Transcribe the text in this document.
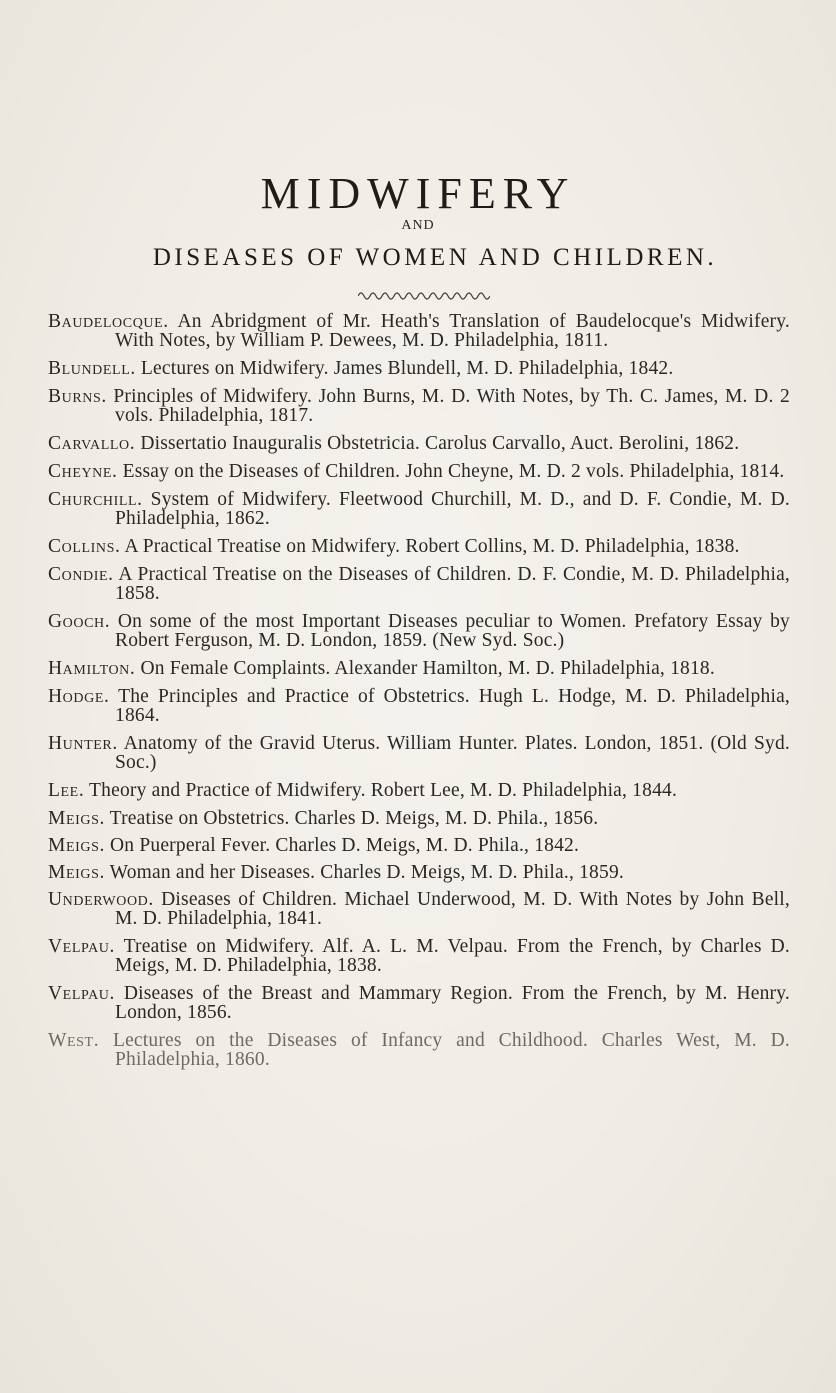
MIDWIFERY
AND
DISEASES OF WOMEN AND CHILDREN.

Baudelocque. An Abridgment of Mr. Heath's Translation of Baudelocque's Midwifery. With Notes, by William P. Dewees, M. D. Philadelphia, 1811.

Blundell. Lectures on Midwifery. James Blundell, M. D. Philadelphia, 1842.

Burns. Principles of Midwifery. John Burns, M. D. With Notes, by Th. C. James, M. D. 2 vols. Philadelphia, 1817.

Carvallo. Dissertatio Inauguralis Obstetricia. Carolus Carvallo, Auct. Berolini, 1862.

Cheyne. Essay on the Diseases of Children. John Cheyne, M. D. 2 vols. Philadelphia, 1814.

Churchill. System of Midwifery. Fleetwood Churchill, M. D., and D. F. Condie, M. D. Philadelphia, 1862.

Collins. A Practical Treatise on Midwifery. Robert Collins, M. D. Philadelphia, 1838.

Condie. A Practical Treatise on the Diseases of Children. D. F. Condie, M. D. Philadelphia, 1858.

Gooch. On some of the most Important Diseases peculiar to Women. Prefatory Essay by Robert Ferguson, M. D. London, 1859. (New Syd. Soc.)

Hamilton. On Female Complaints. Alexander Hamilton, M. D. Philadelphia, 1818.

Hodge. The Principles and Practice of Obstetrics. Hugh L. Hodge, M. D. Philadelphia, 1864.

Hunter. Anatomy of the Gravid Uterus. William Hunter. Plates. London, 1851. (Old Syd. Soc.)

Lee. Theory and Practice of Midwifery. Robert Lee, M. D. Philadelphia, 1844.

Meigs. Treatise on Obstetrics. Charles D. Meigs, M. D. Phila., 1856.

Meigs. On Puerperal Fever. Charles D. Meigs, M. D. Phila., 1842.

Meigs. Woman and her Diseases. Charles D. Meigs, M. D. Phila., 1859.

Underwood. Diseases of Children. Michael Underwood, M. D. With Notes by John Bell, M. D. Philadelphia, 1841.

Velpau. Treatise on Midwifery. Alf. A. L. M. Velpau. From the French, by Charles D. Meigs, M. D. Philadelphia, 1838.

Velpau. Diseases of the Breast and Mammary Region. From the French, by M. Henry. London, 1856.

West. Lectures on the Diseases of Infancy and Childhood. Charles West, M. D. Philadelphia, 1860.
